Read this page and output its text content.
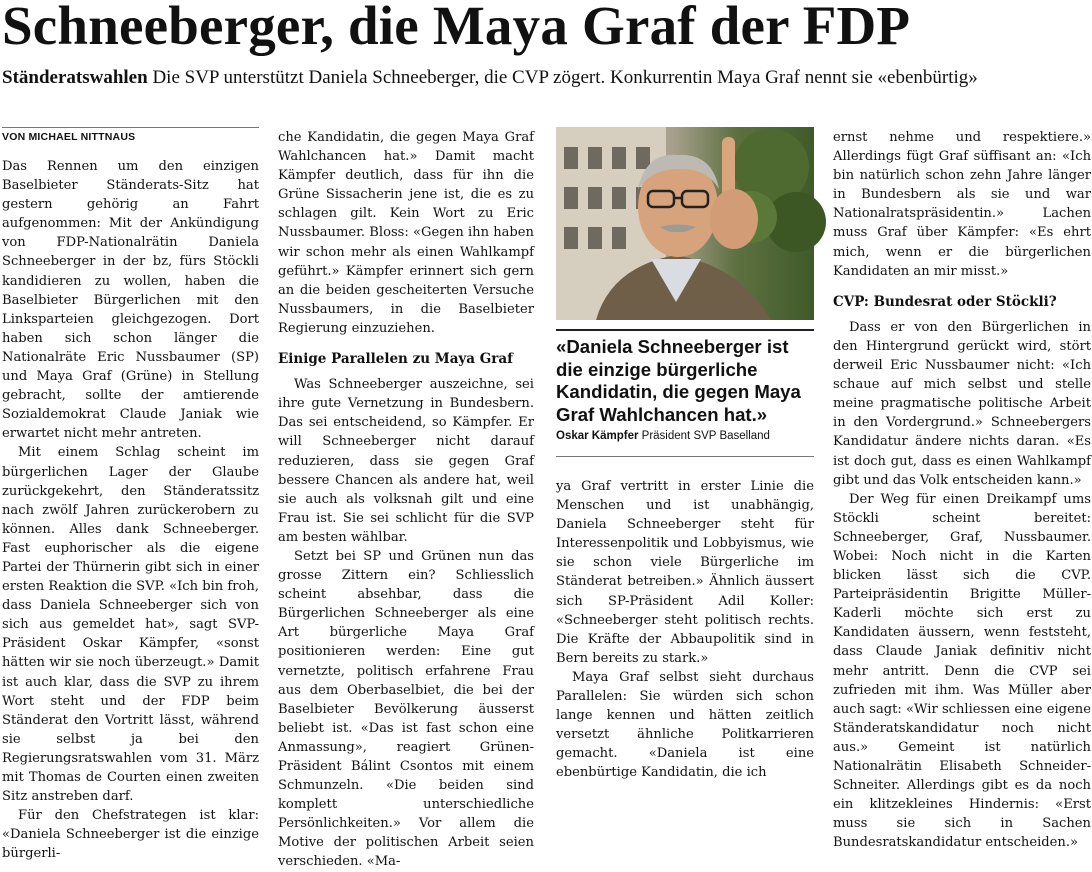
Schneeberger, die Maya Graf der FDP
Ständeratswahlen Die SVP unterstützt Daniela Schneeberger, die CVP zögert. Konkurrentin Maya Graf nennt sie «ebenbürtig»
VON MICHAEL NITTNAUS

Das Rennen um den einzigen Baselbieter Ständerats-Sitz hat gestern gehörig an Fahrt aufgenommen: Mit der Ankündigung von FDP-Nationalrätin Daniela Schneeberger in der bz, fürs Stöckli kandidieren zu wollen, haben die Baselbieter Bürgerlichen mit den Linksparteien gleichgezogen. Dort haben sich schon länger die Nationalräte Eric Nussbaumer (SP) und Maya Graf (Grüne) in Stellung gebracht, sollte der amtierende Sozialdemokrat Claude Janiak wie erwartet nicht mehr antreten.

Mit einem Schlag scheint im bürgerlichen Lager der Glaube zurückgekehrt, den Ständeratssitz nach zwölf Jahren zurückerobern zu können. Alles dank Schneeberger. Fast euphorischer als die eigene Partei der Thürnerin gibt sich in einer ersten Reaktion die SVP. «Ich bin froh, dass Daniela Schneeberger sich von sich aus gemeldet hat», sagt SVP-Präsident Oskar Kämpfer, «sonst hätten wir sie noch überzeugt.» Damit ist auch klar, dass die SVP zu ihrem Wort steht und der FDP beim Ständerat den Vortritt lässt, während sie selbst ja bei den Regierungsratswahlen vom 31. März mit Thomas de Courten einen zweiten Sitz anstreben darf.

Für den Chefstrategen ist klar: «Daniela Schneeberger ist die einzige bürgerli-

che Kandidatin, die gegen Maya Graf Wahlchancen hat.» Damit macht Kämpfer deutlich, dass für ihn die Grüne Sissacherin jene ist, die es zu schlagen gilt. Kein Wort zu Eric Nussbaumer. Bloss: «Gegen ihn haben wir schon mehr als einen Wahlkampf geführt.» Kämpfer erinnert sich gern an die beiden gescheiterten Versuche Nussbaumers, in die Baselbieter Regierung einzuziehen.

Einige Parallelen zu Maya Graf

Was Schneeberger auszeichne, sei ihre gute Vernetzung in Bundesbern. Das sei entscheidend, so Kämpfer. Er will Schneeberger nicht darauf reduzieren, dass sie gegen Graf bessere Chancen als andere hat, weil sie auch als volksnah gilt und eine Frau ist. Sie sei schlicht für die SVP am besten wählbar.

Setzt bei SP und Grünen nun das grosse Zittern ein? Schliesslich scheint absehbar, dass die Bürgerlichen Schneeberger als eine Art bürgerliche Maya Graf positionieren werden: Eine gut vernetzte, politisch erfahrene Frau aus dem Oberbaselbiet, die bei der Baselbieter Bevölkerung äusserst beliebt ist. «Das ist fast schon eine Anmassung», reagiert Grünen-Präsident Bálint Csontos mit einem Schmunzeln. «Die beiden sind komplett unterschiedliche Persönlichkeiten.» Vor allem die Motive der politischen Arbeit seien verschieden. «Ma-

«Daniela Schneeberger ist die einzige bürgerliche Kandidatin, die gegen Maya Graf Wahlchancen hat.»
Oskar Kämpfer Präsident SVP Baselland

ya Graf vertritt in erster Linie die Menschen und ist unabhängig, Daniela Schneeberger steht für Interessenpolitik und Lobbyismus, wie sie schon viele Bürgerliche im Ständerat betreiben.» Ähnlich äussert sich SP-Präsident Adil Koller: «Schneeberger steht politisch rechts. Die Kräfte der Abbaupolitik sind in Bern bereits zu stark.»

Maya Graf selbst sieht durchaus Parallelen: Sie würden sich schon lange kennen und hätten zeitlich versetzt ähnliche Politkarrieren gemacht. «Daniela ist eine ebenbürtige Kandidatin, die ich

ernst nehme und respektiere.» Allerdings fügt Graf süffisant an: «Ich bin natürlich schon zehn Jahre länger in Bundesbern als sie und war Nationalratspräsidentin.» Lachen muss Graf über Kämpfer: «Es ehrt mich, wenn er die bürgerlichen Kandidaten an mir misst.»

CVP: Bundesrat oder Stöckli?

Dass er von den Bürgerlichen in den Hintergrund gerückt wird, stört derweil Eric Nussbaumer nicht: «Ich schaue auf mich selbst und stelle meine pragmatische politische Arbeit in den Vordergrund.» Schneebergers Kandidatur ändere nichts daran. «Es ist doch gut, dass es einen Wahlkampf gibt und das Volk entscheiden kann.»

Der Weg für einen Dreikampf ums Stöckli scheint bereitet: Schneeberger, Graf, Nussbaumer. Wobei: Noch nicht in die Karten blicken lässt sich die CVP. Parteipräsidentin Brigitte Müller-Kaderli möchte sich erst zu Kandidaten äussern, wenn feststeht, dass Claude Janiak definitiv nicht mehr antritt. Denn die CVP sei zufrieden mit ihm. Was Müller aber auch sagt: «Wir schliessen eine eigene Ständeratskandidatur noch nicht aus.» Gemeint ist natürlich Nationalrätin Elisabeth Schneider-Schneiter. Allerdings gibt es da noch ein klitzekleines Hindernis: «Erst muss sie sich in Sachen Bundesratskandidatur entscheiden.»
